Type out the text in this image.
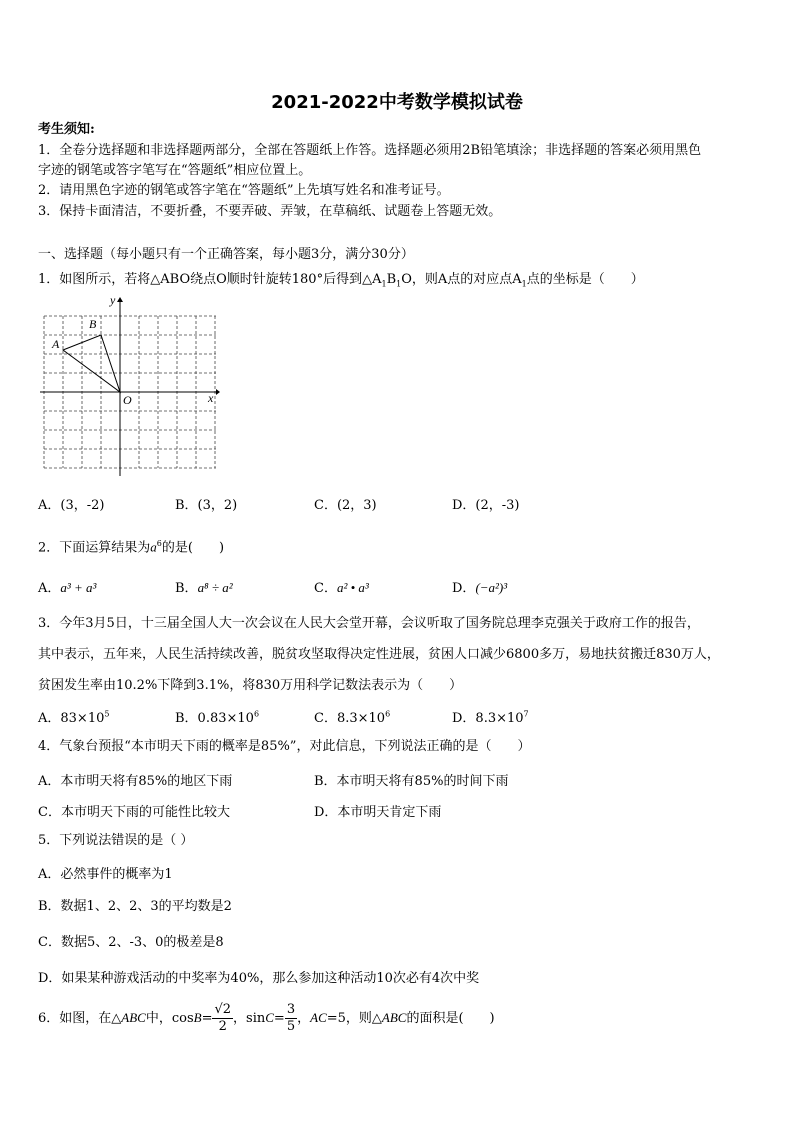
2021-2022中考数学模拟试卷
考生须知:
1．全卷分选择题和非选择题两部分，全部在答题纸上作答。选择题必须用2B铅笔填涂；非选择题的答案必须用黑色
字迹的钢笔或答字笔写在“答题纸”相应位置上。
2．请用黑色字迹的钢笔或答字笔在“答题纸”上先填写姓名和准考证号。
3．保持卡面清洁，不要折叠，不要弄破、弄皱，在草稿纸、试题卷上答题无效。
一、选择题（每小题只有一个正确答案，每小题3分，满分30分）
1．如图所示，若将△ABO绕点O顺时针旋转180°后得到$\triangle A_1B_1O$，则A点的对应点$A_1$点的坐标是（　　）
A
B
O	x
y
A．(3，-2)	B．(3，2)	C．(2，3)	D．(2，-3)
2．下面运算结果为$a^6$的是(　　)
A．a³ + a³	B．a⁸ ÷ a²	C．a² • a³	D．(−a²)³
3．今年3月5日，十三届全国人大一次会议在人民大会堂开幕，会议听取了国务院总理李克强关于政府工作的报告，
其中表示，五年来，人民生活持续改善，脱贫攻坚取得决定性进展，贫困人口减少6800多万，易地扶贫搬迁830万人，
贫困发生率由10.2%下降到3.1%，将830万用科学记数法表示为（　　）
A．$83\times 10^5$	B．$0.83\times 10^6$	C．$8.3\times 10^6$	D．$8.3\times 10^7$
4．气象台预报“本市明天下雨的概率是85%”，对此信息，下列说法正确的是（　　）
A．本市明天将有85%的地区下雨	B．本市明天将有85%的时间下雨
C．本市明天下雨的可能性比较大	D．本市明天肯定下雨
5．下列说法错误的是（ ）
A．必然事件的概率为1
B．数据1、2、2、3的平均数是2
C．数据5、2、-3、0的极差是8
D．如果某种游戏活动的中奖率为40%，那么参加这种活动10次必有4次中奖
6．如图，在△ABC中，$\cos B= \frac{√2}{2}$ ，$\sin C= \frac{3}{5}$ ，AC=5，则△ABC的面积是(　　)
